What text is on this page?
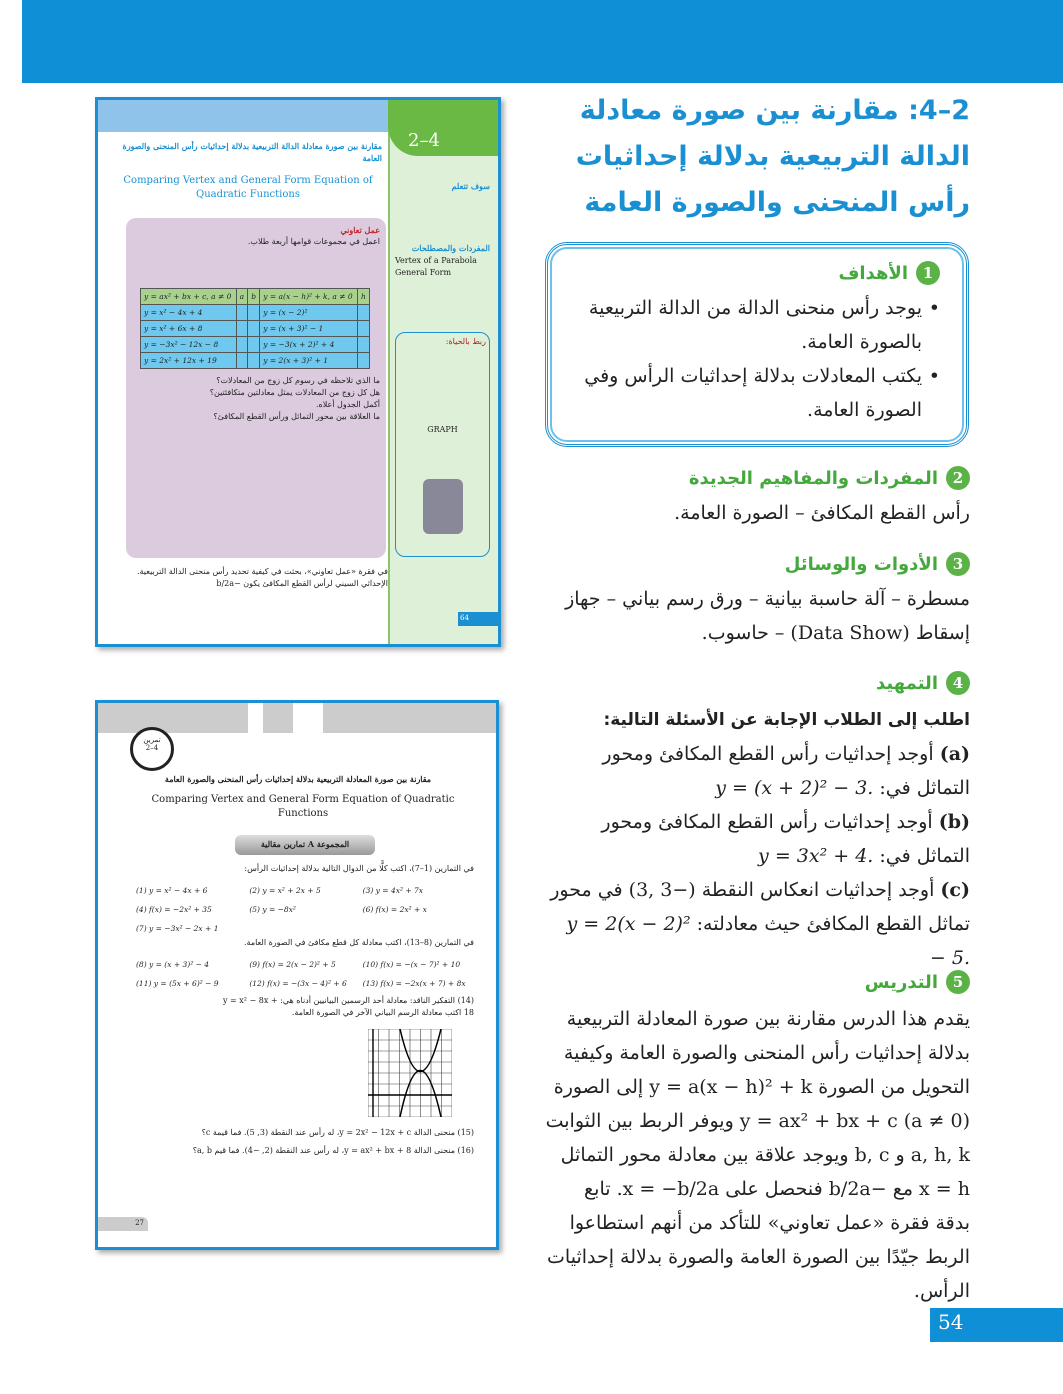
2–4: مقارنة بين صورة معادلة الدالة التربيعية بدلالة إحداثيات رأس المنحنى والصورة العامة
1
الأهداف
• يوجد رأس منحنى الدالة من الدالة التربيعية بالصورة العامة.
• يكتب المعادلات بدلالة إحداثيات الرأس وفي الصورة العامة.
2
المفردات والمفاهيم الجديدة
رأس القطع المكافئ – الصورة العامة.
3
الأدوات والوسائل
مسطرة – آلة حاسبة بيانية – ورق رسم بياني – جهاز إسقاط (Data Show) – حاسوب.
4
التمهيد
اطلب إلى الطلاب الإجابة عن الأسئلة التالية:
(a) أوجد إحداثيات رأس القطع المكافئ ومحور التماثل في: y = (x + 2)² − 3.
(b) أوجد إحداثيات رأس القطع المكافئ ومحور التماثل في: y = 3x² + 4.
(c) أوجد إحداثيات انعكاس النقطة (−3 ,3) في محور تماثل القطع المكافئ حيث معادلته: y = 2(x − 2)² − 5.
5
التدريس
يقدم هذا الدرس مقارنة بين صورة المعادلة التربيعية بدلالة إحداثيات رأس المنحنى والصورة العامة وكيفية التحويل من الصورة y = a(x − h)² + k إلى الصورة y = ax² + bx + c (a ≠ 0) ويوفر الربط بين الثوابت a, h, k و b, c ويوجد علاقة بين معادلة محور التماثل x = h مع −b/2a فنحصل على x = −b/2a. تابع بدقة فقرة «عمل تعاوني» للتأكد من أنهم استطاعوا الربط جيّدًا بين الصورة العامة والصورة بدلالة إحداثيات الرأس.
54
2–4
مقارنة بين صورة معادلة الدالة التربيعية بدلالة إحداثيات رأس المنحنى والصورة العامة
Comparing Vertex and General Form Equation of Quadratic Functions
سوف تتعلم
المفردات والمصطلحات
Vertex of a Parabola
General Form
ربط بالحياة:
GRAPH
عمل تعاوني
اعمل في مجموعات قوامها أربعة طلاب.
y = ax² + bx + c, a ≠ 0	a	b	y = a(x − h)² + k, a ≠ 0	h
y = x² − 4x + 4			y = (x − 2)²	
y = x² + 6x + 8			y = (x + 3)² − 1	
y = −3x² − 12x − 8			y = −3(x + 2)² + 4	
y = 2x² + 12x + 19			y = 2(x + 3)² + 1	
ما الذي تلاحظه في رسوم كل زوج من المعادلات؟
هل كل زوج من المعادلات يمثل معادلتين متكافئتين؟
أكمل الجدول أعلاه.
ما العلاقة بين محور التماثل ورأس القطع المكافئ؟
في فقرة «عمل تعاوني»، بحثت في كيفية تحديد رأس منحنى الدالة التربيعية. الإحداثي السيني لرأس القطع المكافئ يكون −b/2a
64
تمرين
2–4
مقارنة بين صورة المعادلة التربيعية بدلالة إحداثيات رأس المنحنى والصورة العامة
Comparing Vertex and General Form Equation of Quadratic Functions
المجموعة A تمارين مقالية
في التمارين (1–7)، اكتب كلًّا من الدوال التالية بدلالة إحداثيات الرأس:
(1) y = x² − 4x + 6	(2) y = x² + 2x + 5	(3) y = 4x² + 7x
(4) f(x) = −2x² + 35	(5) y = −8x²	(6) f(x) = 2x² + x
(7) y = −3x² − 2x + 1
في التمارين (8–13)، اكتب معادلة كل قطع مكافئ في الصورة العامة.
(8) y = (x + 3)² − 4	(9) f(x) = 2(x − 2)² + 5	(10) f(x) = −(x − 7)² + 10
(11) y = (5x + 6)² − 9	(12) f(x) = −(3x − 4)² + 6	(13) f(x) = −2x(x + 7) + 8x
(14) التفكير الناقد: معادلة أحد الرسمين البيانيين أدناه هي: y = x² − 8x + 18 اكتب معادلة الرسم البياني الآخر في الصورة العامة.
(15) منحنى الدالة y = 2x² − 12x + c، له رأس عند النقطة (3, 5). فما قيمة c؟
(16) منحنى الدالة y = ax² + bx + 8، له رأس عند النقطة (2, −4). فما قيم a, b؟
27
